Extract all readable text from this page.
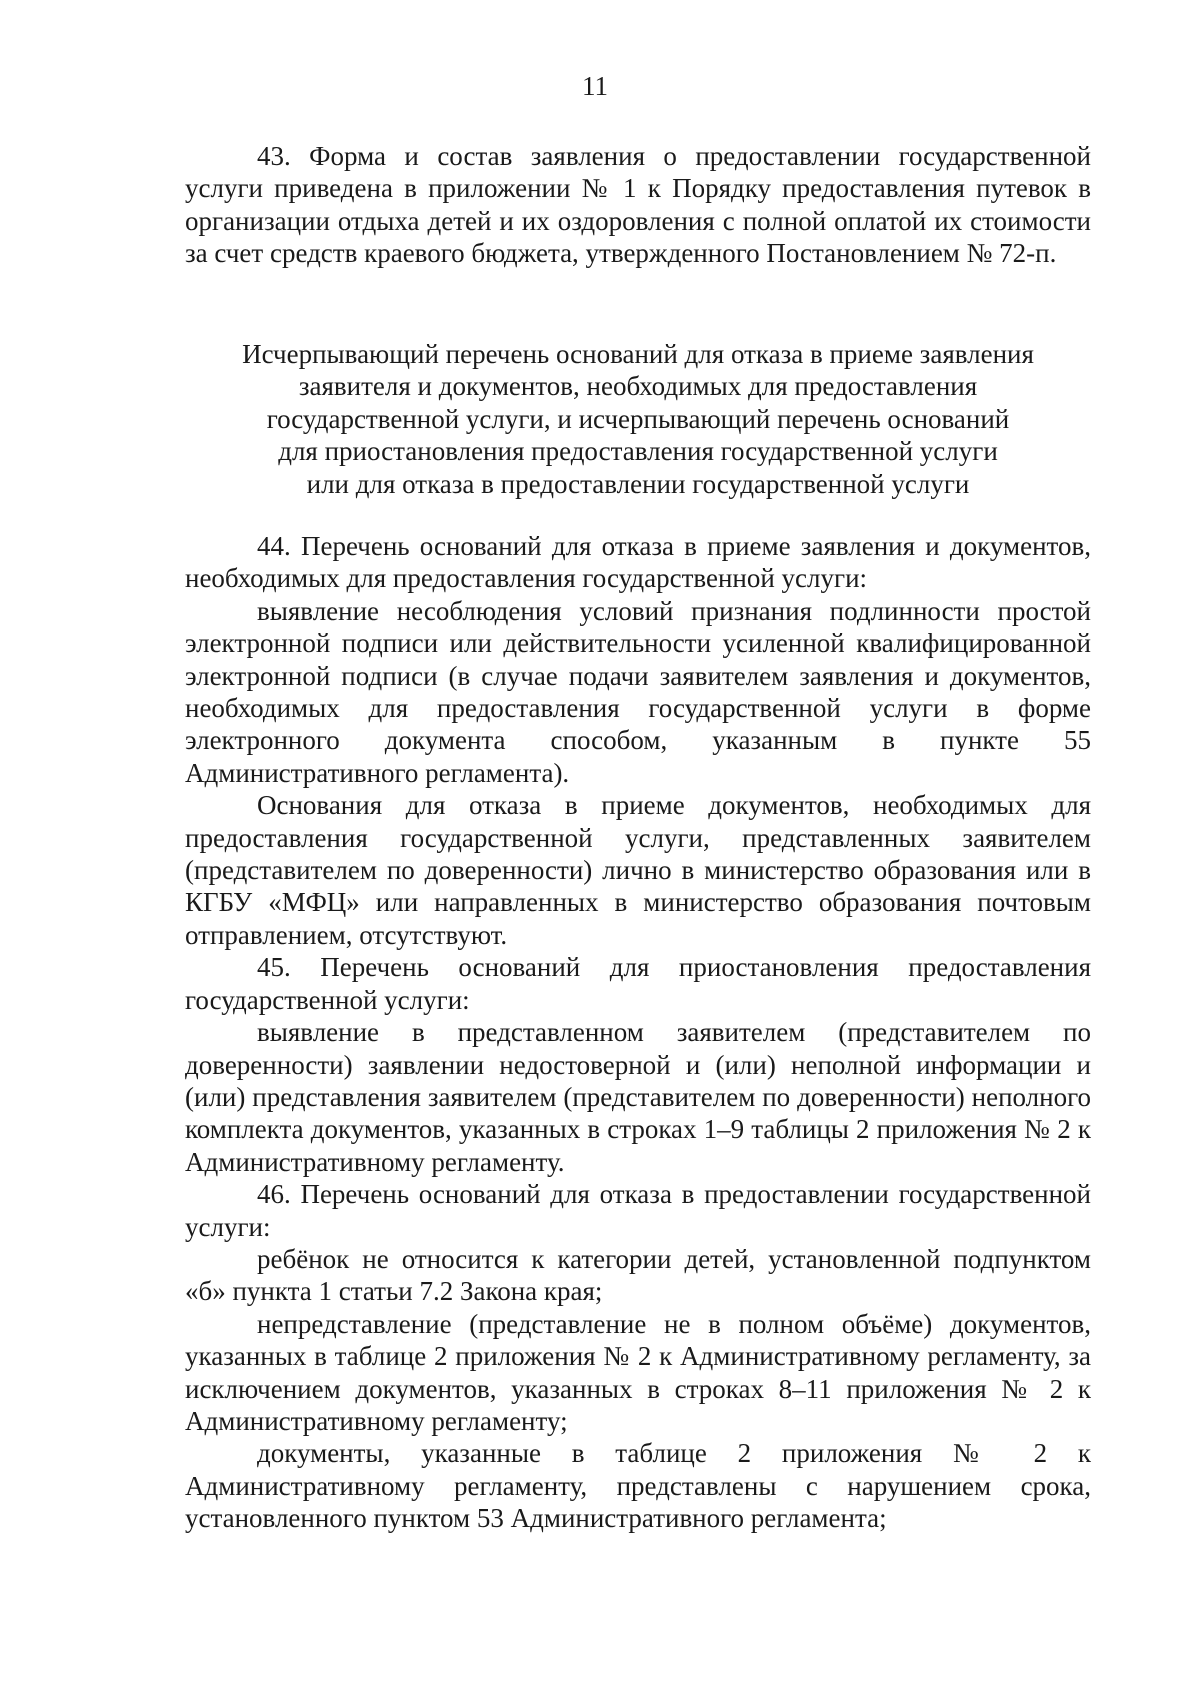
11

43. Форма и состав заявления о предоставлении государственной услуги приведена в приложении № 1 к Порядку предоставления путевок в организации отдыха детей и их оздоровления с полной оплатой их стоимости за счет средств краевого бюджета, утвержденного Постановлением № 72-п.

Исчерпывающий перечень оснований для отказа в приеме заявления
заявителя и документов, необходимых для предоставления
государственной услуги, и исчерпывающий перечень оснований
для приостановления предоставления государственной услуги
или для отказа в предоставлении государственной услуги

44. Перечень оснований для отказа в приеме заявления и документов, необходимых для предоставления государственной услуги:

выявление несоблюдения условий признания подлинности простой электронной подписи или действительности усиленной квалифицированной электронной подписи (в случае подачи заявителем заявления и документов, необходимых для предоставления государственной услуги в форме электронного документа способом, указанным в пункте 55 Административного регламента).

Основания для отказа в приеме документов, необходимых для предоставления государственной услуги, представленных заявителем (представителем по доверенности) лично в министерство образования или в КГБУ «МФЦ» или направленных в министерство образования почтовым отправлением, отсутствуют.

45. Перечень оснований для приостановления предоставления государственной услуги:

выявление в представленном заявителем (представителем по доверенности) заявлении недостоверной и (или) неполной информации и (или) представления заявителем (представителем по доверенности) неполного комплекта документов, указанных в строках 1–9 таблицы 2 приложения № 2 к Административному регламенту.

46. Перечень оснований для отказа в предоставлении государственной услуги:

ребёнок не относится к категории детей, установленной подпунктом «б» пункта 1 статьи 7.2 Закона края;

непредставление (представление не в полном объёме) документов, указанных в таблице 2 приложения № 2 к Административному регламенту, за исключением документов, указанных в строках 8–11 приложения № 2 к Административному регламенту;

документы, указанные в таблице 2 приложения № 2 к Административному регламенту, представлены с нарушением срока, установленного пунктом 53 Административного регламента;
